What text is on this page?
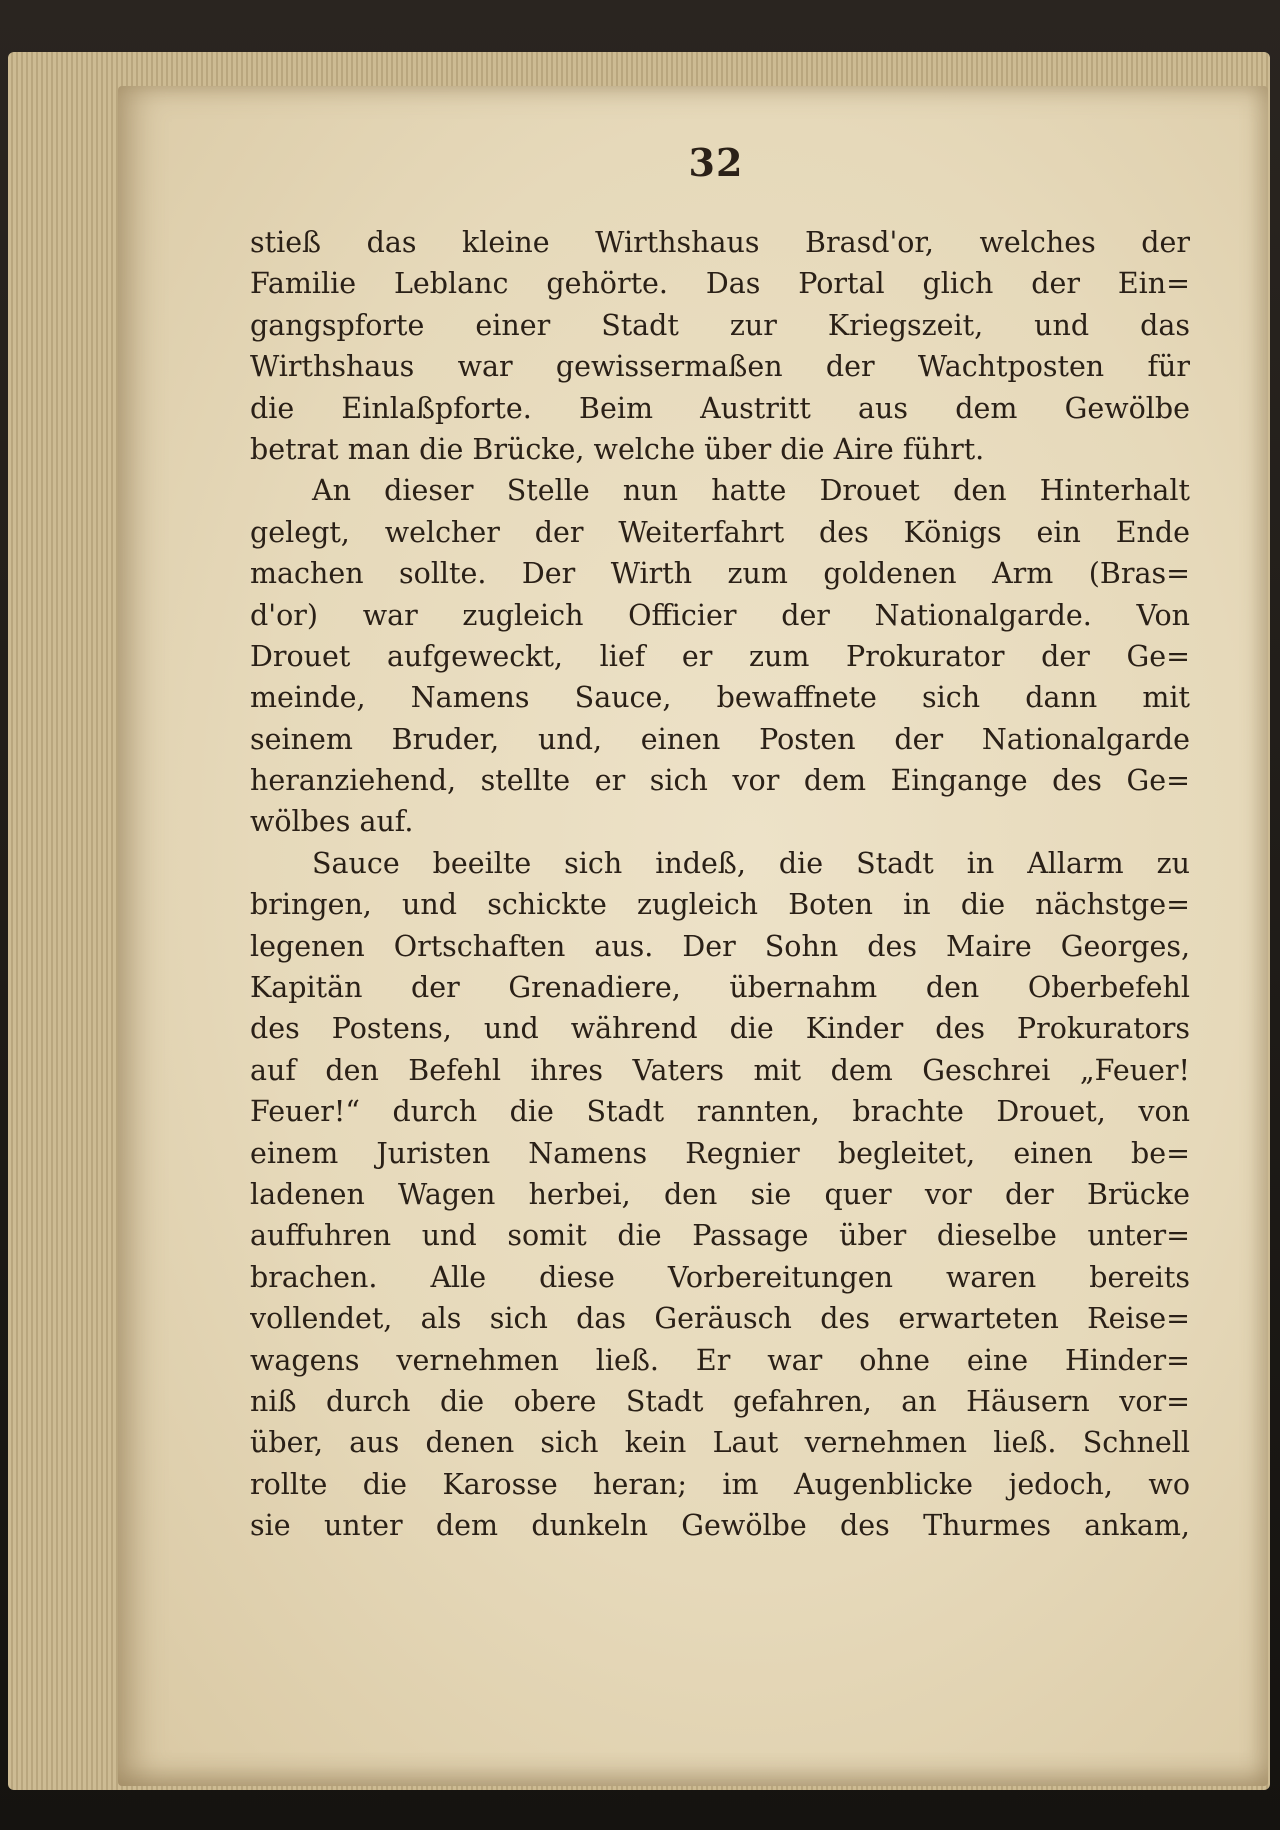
32
stieß das kleine Wirthshaus Brasd'or, welches der
Familie Leblanc gehörte. Das Portal glich der Ein=
gangspforte einer Stadt zur Kriegszeit, und das
Wirthshaus war gewissermaßen der Wachtposten für
die Einlaßpforte. Beim Austritt aus dem Gewölbe
betrat man die Brücke, welche über die Aire führt.
An dieser Stelle nun hatte Drouet den Hinterhalt
gelegt, welcher der Weiterfahrt des Königs ein Ende
machen sollte. Der Wirth zum goldenen Arm (Bras=
d'or) war zugleich Officier der Nationalgarde. Von
Drouet aufgeweckt, lief er zum Prokurator der Ge=
meinde, Namens Sauce, bewaffnete sich dann mit
seinem Bruder, und, einen Posten der Nationalgarde
heranziehend, stellte er sich vor dem Eingange des Ge=
wölbes auf.
Sauce beeilte sich indeß, die Stadt in Allarm zu
bringen, und schickte zugleich Boten in die nächstge=
legenen Ortschaften aus. Der Sohn des Maire Georges,
Kapitän der Grenadiere, übernahm den Oberbefehl
des Postens, und während die Kinder des Prokurators
auf den Befehl ihres Vaters mit dem Geschrei „Feuer!
Feuer!“ durch die Stadt rannten, brachte Drouet, von
einem Juristen Namens Regnier begleitet, einen be=
ladenen Wagen herbei, den sie quer vor der Brücke
auffuhren und somit die Passage über dieselbe unter=
brachen. Alle diese Vorbereitungen waren bereits
vollendet, als sich das Geräusch des erwarteten Reise=
wagens vernehmen ließ. Er war ohne eine Hinder=
niß durch die obere Stadt gefahren, an Häusern vor=
über, aus denen sich kein Laut vernehmen ließ. Schnell
rollte die Karosse heran; im Augenblicke jedoch, wo
sie unter dem dunkeln Gewölbe des Thurmes ankam,
